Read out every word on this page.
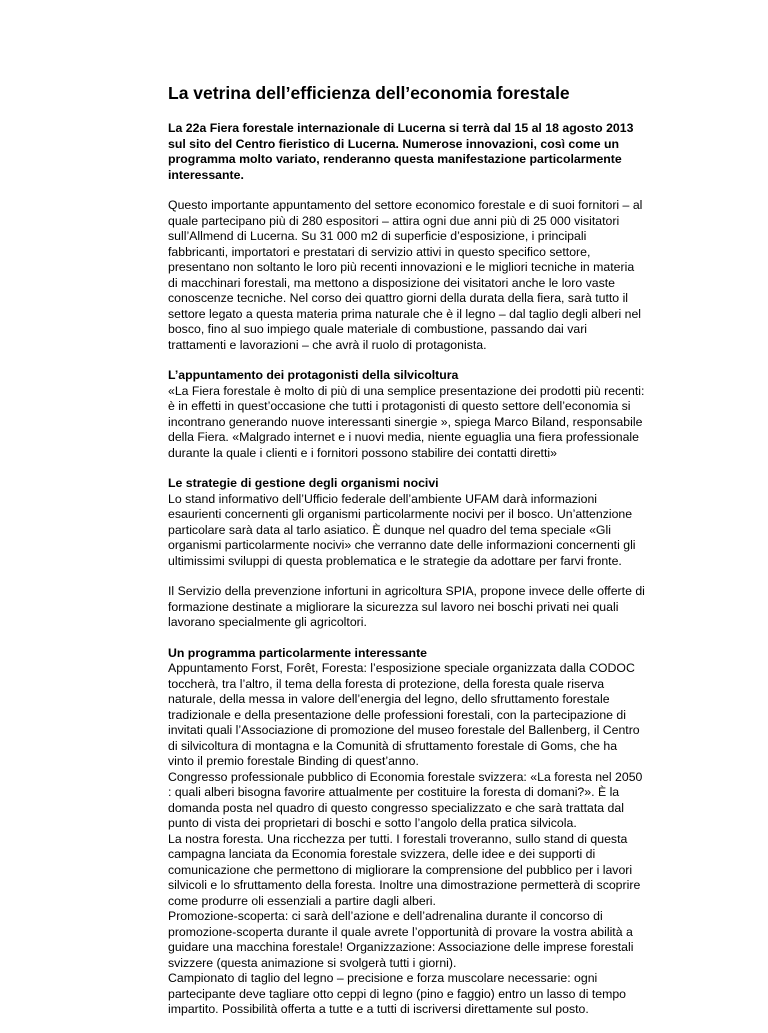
La vetrina dell’efficienza dell’economia forestale

La 22a Fiera forestale internazionale di Lucerna si terrà dal 15 al 18 agosto 2013 sul sito del Centro fieristico di Lucerna. Numerose innovazioni, così come un programma molto variato, renderanno questa manifestazione particolarmente interessante.

Questo importante appuntamento del settore economico forestale e di suoi fornitori – al quale partecipano più di 280 espositori – attira ogni due anni più di 25 000 visitatori sull’Allmend di Lucerna. Su 31 000 m2 di superficie d’esposizione, i principali fabbricanti, importatori e prestatari di servizio attivi in questo specifico settore, presentano non soltanto le loro più recenti innovazioni e le migliori tecniche in materia di macchinari forestali, ma mettono a disposizione dei visitatori anche le loro vaste conoscenze tecniche. Nel corso dei quattro giorni della durata della fiera, sarà tutto il settore legato a questa materia prima naturale che è il legno – dal taglio degli alberi nel bosco, fino al suo impiego quale materiale di combustione, passando dai vari trattamenti e lavorazioni – che avrà il ruolo di protagonista.

L’appuntamento dei protagonisti della silvicoltura

«La Fiera forestale è molto di più di una semplice presentazione dei prodotti più recenti: è in effetti in quest’occasione che tutti i protagonisti di questo settore dell’economia si incontrano generando nuove interessanti sinergie », spiega Marco Biland, responsabile della Fiera. «Malgrado internet e i nuovi media, niente eguaglia una fiera professionale durante la quale i clienti e i fornitori possono stabilire dei contatti diretti»

Le strategie di gestione degli organismi nocivi

Lo stand informativo dell’Ufficio federale dell’ambiente UFAM darà informazioni esaurienti concernenti gli organismi particolarmente nocivi per il bosco. Un’attenzione particolare sarà data al tarlo asiatico. È dunque nel quadro del tema speciale «Gli organismi particolarmente nocivi» che verranno date delle informazioni concernenti gli ultimissimi sviluppi di questa problematica e le strategie da adottare per farvi fronte.

Il Servizio della prevenzione infortuni in agricoltura SPIA, propone invece delle offerte di formazione destinate a migliorare la sicurezza sul lavoro nei boschi privati nei quali lavorano specialmente gli agricoltori.

Un programma particolarmente interessante

Appuntamento Forst, Forêt, Foresta: l’esposizione speciale organizzata dalla CODOC toccherà, tra l’altro, il tema della foresta di protezione, della foresta quale riserva naturale, della messa in valore dell’energia del legno, dello sfruttamento forestale tradizionale e della presentazione delle professioni forestali, con la partecipazione di invitati quali l’Associazione di promozione del museo forestale del Ballenberg, il Centro di silvicoltura di montagna e la Comunità di sfruttamento forestale di Goms, che ha vinto il premio forestale Binding di quest’anno.

Congresso professionale pubblico di Economia forestale svizzera: «La foresta nel 2050 : quali alberi bisogna favorire attualmente per costituire la foresta di domani?». È la domanda posta nel quadro di questo congresso specializzato e che sarà trattata dal punto di vista dei proprietari di boschi e sotto l’angolo della pratica silvicola.

La nostra foresta. Una ricchezza per tutti. I forestali troveranno, sullo stand di questa campagna lanciata da Economia forestale svizzera, delle idee e dei supporti di comunicazione che permettono di migliorare la comprensione del pubblico per i lavori silvicoli e lo sfruttamento della foresta. Inoltre una dimostrazione permetterà di scoprire come produrre oli essenziali a partire dagli alberi.

Promozione-scoperta: ci sarà dell’azione e dell’adrenalina durante il concorso di promozione-scoperta durante il quale avrete l’opportunità di provare la vostra abilità a guidare una macchina forestale! Organizzazione: Associazione delle imprese forestali svizzere (questa animazione si svolgerà tutti i giorni).

Campionato di taglio del legno – precisione e forza muscolare necessarie: ogni partecipante deve tagliare otto ceppi di legno (pino e faggio) entro un lasso di tempo impartito. Possibilità offerta a tutte e a tutti di iscriversi direttamente sul posto.
